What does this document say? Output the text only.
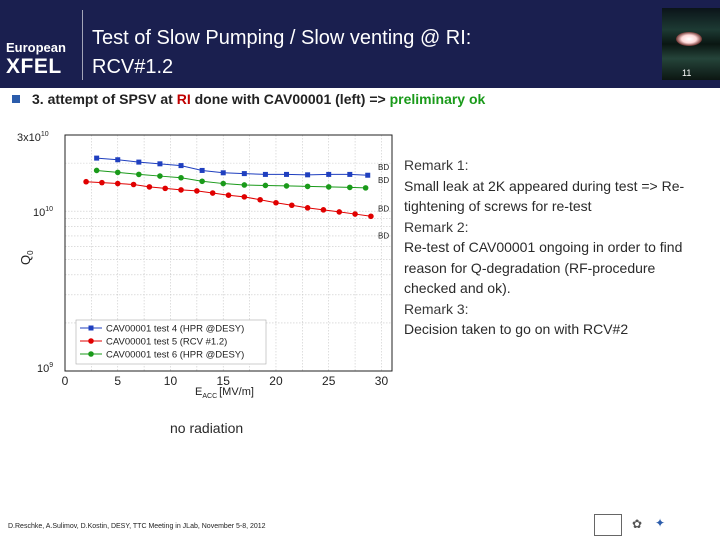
European
XFEL
Test of Slow Pumping / Slow venting @ RI:
RCV#1.2	11
3. attempt of SPSV at RI done with CAV00001 (left) => preliminary ok
$3x10^{10}$
$10^{10}$
$10^9$
0	5	10	15	20	25	30
$Q_0$
$E_{ACC}$ [MV/m]
BD
BD
BD
BD
CAV00001 test 4 (HPR @DESY)
CAV00001 test 5 (RCV #1.2)
CAV00001 test 6 (HPR @DESY)
Remark 1:
Small leak at 2K appeared during test => Re-tightening of screws for re-test
Remark 2:
Re-test of CAV00001 ongoing in order to find reason for Q-degradation (RF-procedure checked and ok).
Remark 3:
Decision taken to go on with RCV#2
no radiation
D.Reschke, A.Sulimov, D.Kostin, DESY, TTC Meeting in JLab, November 5-8, 2012	✿	✦
